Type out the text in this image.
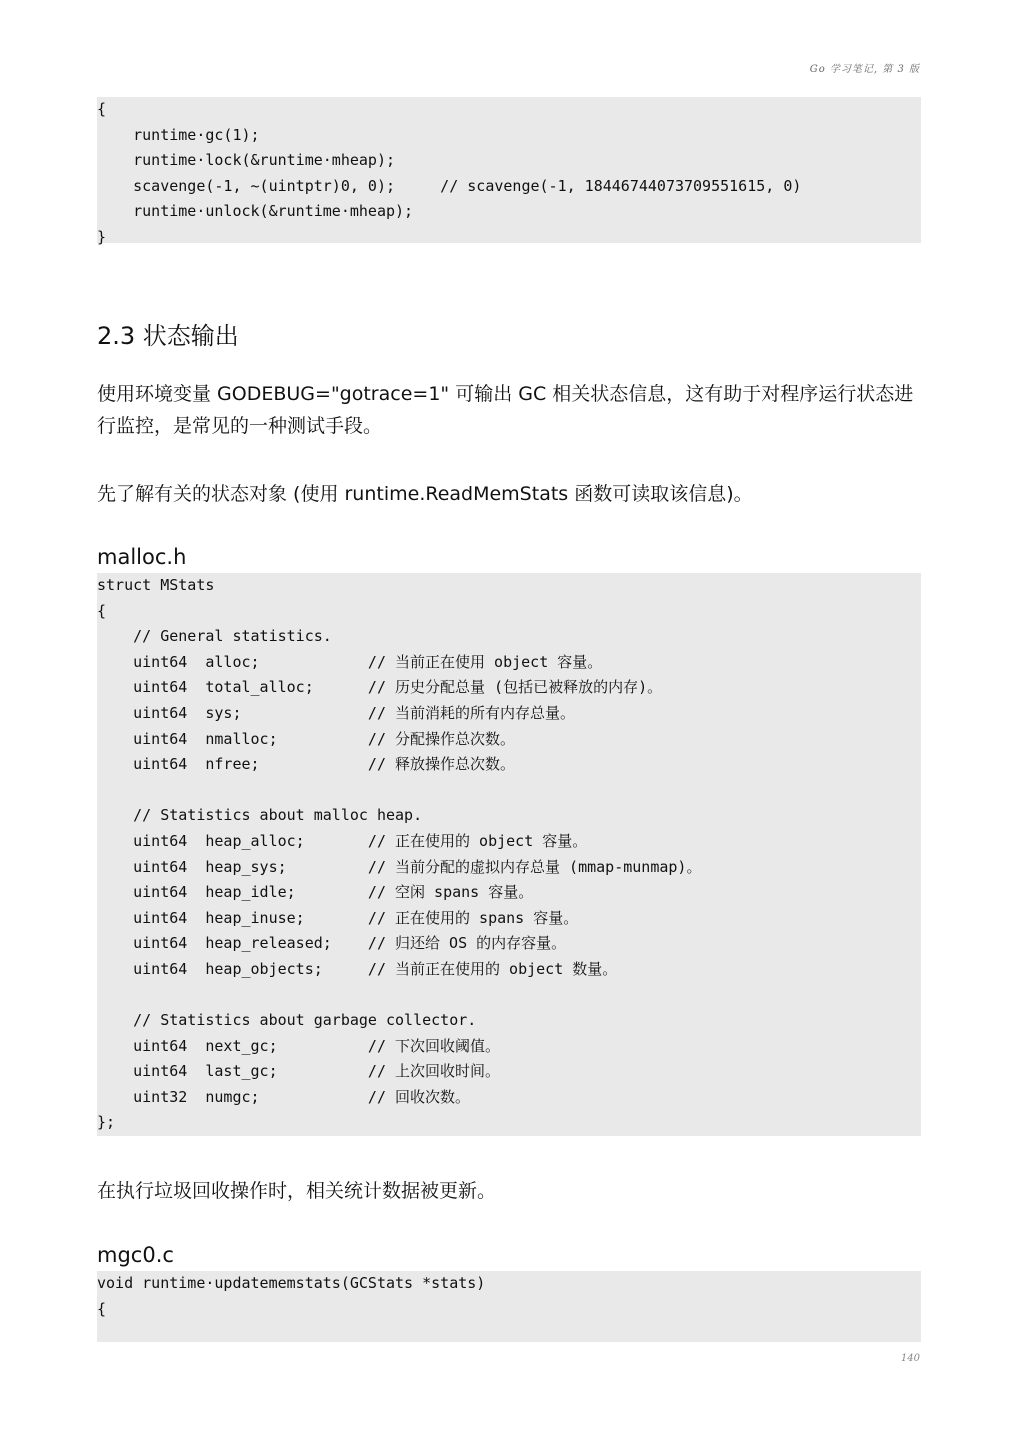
Go 学习笔记, 第 3 版
{
runtime·gc(1);
runtime·lock(&runtime·mheap);
scavenge(-1, ~(uintptr)0, 0);     // scavenge(-1, 18446744073709551615, 0)
runtime·unlock(&runtime·mheap);
}
2.3 状态输出
使用环境变量 GODEBUG="gotrace=1" 可输出 GC 相关状态信息，这有助于对程序运行状态进行监控，是常见的一种测试手段。
先了解有关的状态对象 (使用 runtime.ReadMemStats 函数可读取该信息)。
malloc.h
struct MStats
{
// General statistics.
uint64  alloc;            // 当前正在使用 object 容量。
uint64  total_alloc;      // 历史分配总量 (包括已被释放的内存)。
uint64  sys;              // 当前消耗的所有内存总量。
uint64  nmalloc;          // 分配操作总次数。
uint64  nfree;            // 释放操作总次数。
// Statistics about malloc heap.
uint64  heap_alloc;       // 正在使用的 object 容量。
uint64  heap_sys;         // 当前分配的虚拟内存总量 (mmap-munmap)。
uint64  heap_idle;        // 空闲 spans 容量。
uint64  heap_inuse;       // 正在使用的 spans 容量。
uint64  heap_released;    // 归还给 OS 的内存容量。
uint64  heap_objects;     // 当前正在使用的 object 数量。
// Statistics about garbage collector.
uint64  next_gc;          // 下次回收阈值。
uint64  last_gc;          // 上次回收时间。
uint32  numgc;            // 回收次数。
};
在执行垃圾回收操作时，相关统计数据被更新。
mgc0.c
void runtime·updatememstats(GCStats *stats)
{
140
